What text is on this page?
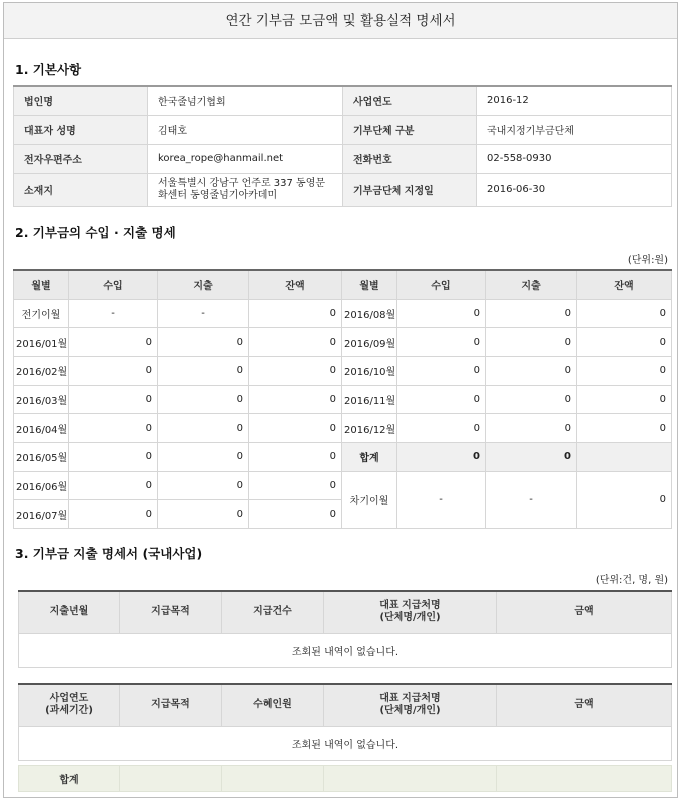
연간 기부금 모금액 및 활용실적 명세서
1. 기본사항
법인명	한국줄넘기협회	사업연도	2016-12
대표자 성명	김태호	기부단체 구분	국내지정기부금단체
전자우편주소	korea_rope@hanmail.net	전화번호	02-558-0930
소재지	서울특별시 강남구 언주로 337 동영문화센터 동영줄넘기아카데미	기부금단체 지정일	2016-06-30
2. 기부금의 수입 · 지출 명세
(단위:원)
월별	수입	지출	잔액	월별	수입	지출	잔액
전기이월	-	-	0	2016/08월	0	0	0
2016/01월	0	0	0	2016/09월	0	0	0
2016/02월	0	0	0	2016/10월	0	0	0
2016/03월	0	0	0	2016/11월	0	0	0
2016/04월	0	0	0	2016/12월	0	0	0
2016/05월	0	0	0	합계	0	0	
2016/06월	0	0	0	차기이월	-	-	0
2016/07월	0	0	0				
3. 기부금 지출 명세서 (국내사업)
(단위:건, 명, 원)
지출년월	지급목적	지급건수	대표 지급처명
(단체명/개인)	금액
조회된 내역이 없습니다.
사업연도
(과세기간)	지급목적	수혜인원	대표 지급처명
(단체명/개인)	금액
조회된 내역이 없습니다.
합계				
